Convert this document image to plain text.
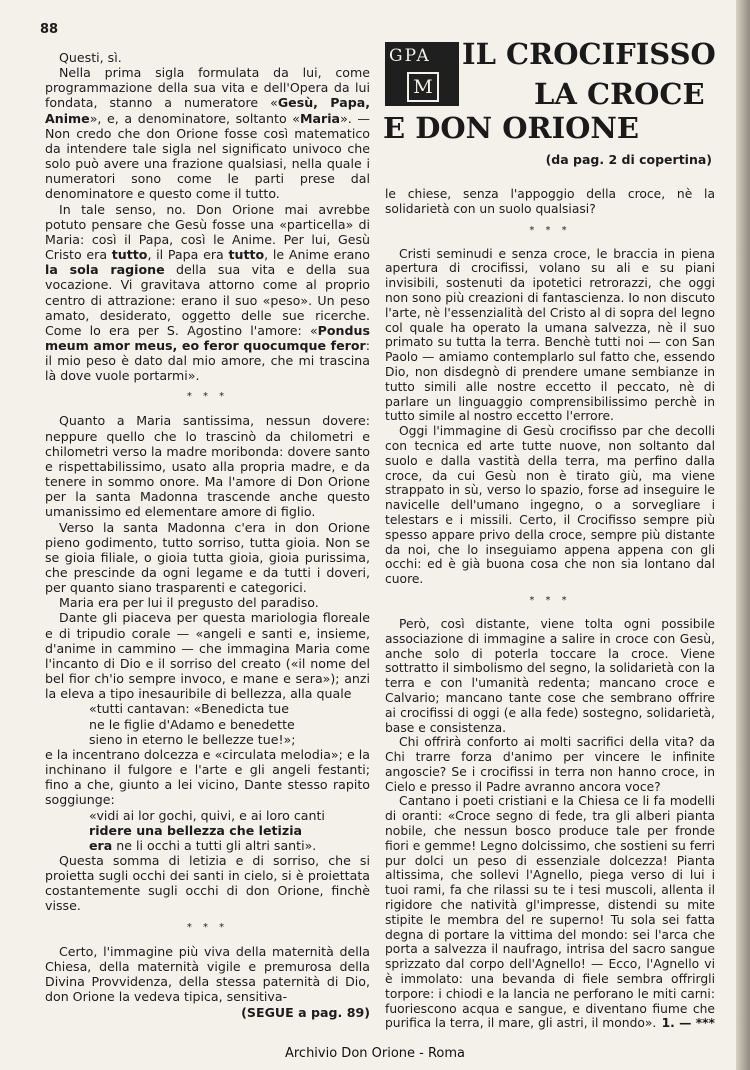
88
GPA
M
IL CROCIFISSO
LA CROCE
E DON ORIONE
(da pag. 2 di copertina)

Questi, sì.

Nella prima sigla formulata da lui, come programmazione della sua vita e dell'Opera da lui fondata, stanno a numeratore «Gesù, Papa, Anime», e, a denominatore, soltanto «Maria». — Non credo che don Orione fosse così matematico da intendere tale sigla nel significato univoco che solo può avere una frazione qualsiasi, nella quale i numeratori sono come le parti prese dal denominatore e questo come il tutto.

In tale senso, no. Don Orione mai avrebbe potuto pensare che Gesù fosse una «particella» di Maria: così il Papa, così le Anime. Per lui, Gesù Cristo era tutto, il Papa era tutto, le Anime erano la sola ragione della sua vita e della sua vocazione. Vi gravitava attorno come al proprio centro di attrazione: erano il suo «peso». Un peso amato, desiderato, oggetto delle sue ricerche. Come lo era per S. Agostino l'amore: «Pondus meum amor meus, eo feror quocumque feror: il mio peso è dato dal mio amore, che mi trascina là dove vuole portarmi».

* * *

Quanto a Maria santissima, nessun dovere: neppure quello che lo trascinò da chilometri e chilometri verso la madre moribonda: dovere santo e rispettabilissimo, usato alla propria madre, e da tenere in sommo onore. Ma l'amore di Don Orione per la santa Madonna trascende anche questo umanissimo ed elementare amore di figlio.

Verso la santa Madonna c'era in don Orione pieno godimento, tutto sorriso, tutta gioia. Non se se gioia filiale, o gioia tutta gioia, gioia purissima, che prescinde da ogni legame e da tutti i doveri, per quanto siano trasparenti e categorici.

Maria era per lui il pregusto del paradiso.

Dante gli piaceva per questa mariologia floreale e di tripudio corale — «angeli e santi e, insieme, d'anime in cammino — che immagina Maria come l'incanto di Dio e il sorriso del creato («il nome del bel fior ch'io sempre invoco, e mane e sera»); anzi la eleva a tipo inesauribile di bellezza, alla quale

«tutti cantavan: «Benedicta tue
ne le figlie d'Adamo e benedette
sieno in eterno le bellezze tue!»;

e la incentrano dolcezza e «circulata melodia»; e la inchinano il fulgore e l'arte e gli angeli festanti; fino a che, giunto a lei vicino, Dante stesso rapito soggiunge:

«vidi ai lor gochi, quivi, e ai loro canti
ridere una bellezza che letizia
era ne li occhi a tutti gli altri santi».

Questa somma di letizia e di sorriso, che si proietta sugli occhi dei santi in cielo, si è proiettata costantemente sugli occhi di don Orione, finchè visse.

* * *

Certo, l'immagine più viva della maternità della Chiesa, della maternità vigile e premurosa della Divina Provvidenza, della stessa paternità di Dio, don Orione la vedeva tipica, sensitiva-

(SEGUE a pag. 89)

le chiese, senza l'appoggio della croce, nè la solidarietà con un suolo qualsiasi?

* * *

Cristi seminudi e senza croce, le braccia in piena apertura di crocifissi, volano su ali e su piani invisibili, sostenuti da ipotetici retrorazzi, che oggi non sono più creazioni di fantascienza. Io non discuto l'arte, nè l'essenzialità del Cristo al di sopra del legno col quale ha operato la umana salvezza, nè il suo primato su tutta la terra. Benchè tutti noi — con San Paolo — amiamo contemplarlo sul fatto che, essendo Dio, non disdegnò di prendere umane sembianze in tutto simili alle nostre eccetto il peccato, nè di parlare un linguaggio comprensibilissimo perchè in tutto simile al nostro eccetto l'errore.

Oggi l'immagine di Gesù crocifisso par che decolli con tecnica ed arte tutte nuove, non soltanto dal suolo e dalla vastità della terra, ma perfino dalla croce, da cui Gesù non è tirato giù, ma viene strappato in sù, verso lo spazio, forse ad inseguire le navicelle dell'umano ingegno, o a sorvegliare i telestars e i missili. Certo, il Crocifisso sempre più spesso appare privo della croce, sempre più distante da noi, che lo inseguiamo appena appena con gli occhi: ed è già buona cosa che non sia lontano dal cuore.

* * *

Però, così distante, viene tolta ogni possibile associazione di immagine a salire in croce con Gesù, anche solo di poterla toccare la croce. Viene sottratto il simbolismo del segno, la solidarietà con la terra e con l'umanità redenta; mancano croce e Calvario; mancano tante cose che sembrano offrire ai crocifissi di oggi (e alla fede) sostegno, solidarietà, base e consistenza.

Chi offrirà conforto ai molti sacrifici della vita? da Chi trarre forza d'animo per vincere le infinite angoscie? Se i crocifissi in terra non hanno croce, in Cielo e presso il Padre avranno ancora voce?

Cantano i poeti cristiani e la Chiesa ce li fa modelli di oranti: «Croce segno di fede, tra gli alberi pianta nobile, che nessun bosco produce tale per fronde fiori e gemme! Legno dolcissimo, che sostieni su ferri pur dolci un peso di essenziale dolcezza! Pianta altissima, che sollevi l'Agnello, piega verso di lui i tuoi rami, fa che rilassi su te i tesi muscoli, allenta il rigidore che natività gl'impresse, distendi su mite stipite le membra del re superno! Tu sola sei fatta degna di portare la vittima del mondo: sei l'arca che porta a salvezza il naufrago, intrisa del sacro sangue sprizzato dal corpo dell'Agnello! — Ecco, l'Agnello vi è immolato: una bevanda di fiele sembra offrirgli torpore: i chiodi e la lancia ne perforano le miti carni: fuoriescono acqua e sangue, e diventano fiume che purifica la terra, il mare, gli astri, il mondo». 1. — ***
Archivio Don Orione - Roma
